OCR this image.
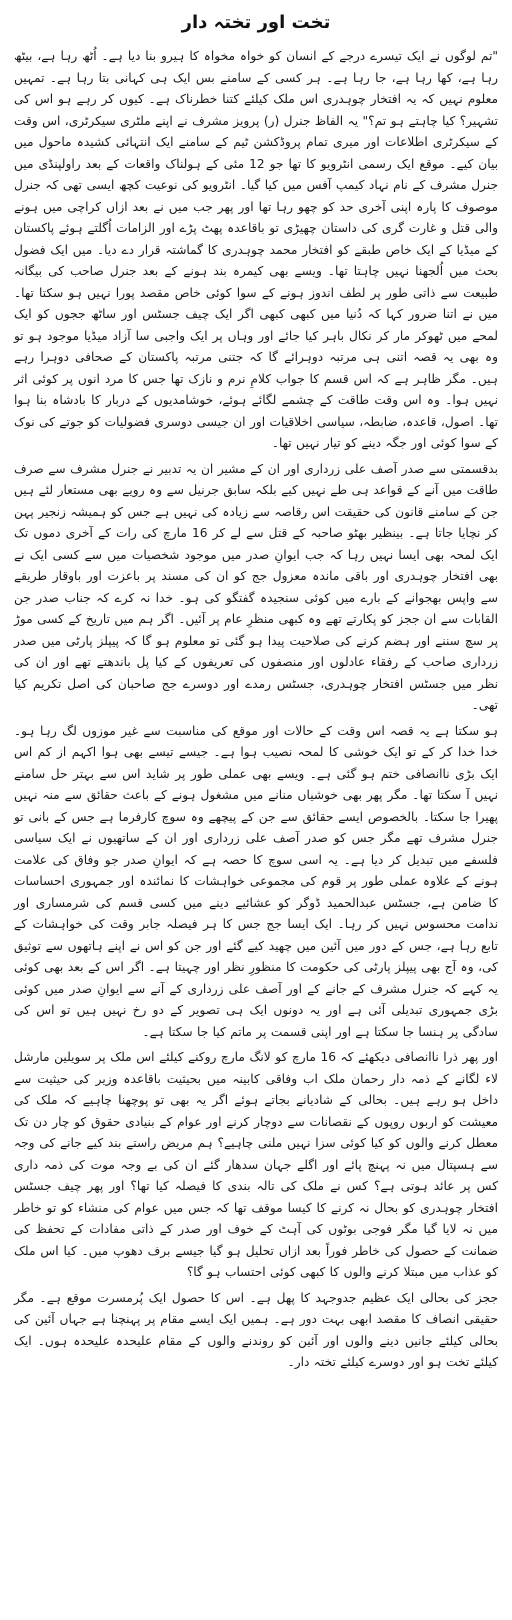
تخت اور تختہ دار

"تم لوگوں نے ایک تیسرے درجے کے انسان کو خواہ مخواہ کا ہیرو بنا دیا ہے۔ اُٹھ رہا ہے، بیٹھ رہا ہے، کھا رہا ہے، جا رہا ہے۔ ہر کسی کے سامنے بس ایک ہی کہانی بتا رہا ہے۔ تمہیں معلوم نہیں کہ یہ افتخار چوہدری اس ملک کیلئے کتنا خطرناک ہے۔ کیوں کر رہے ہو اس کی تشہیر؟ کیا چاہتے ہو تم؟" یہ الفاظ جنرل (ر) پرویز مشرف نے اپنے ملٹری سیکرٹری، اس وقت کے سیکرٹری اطلاعات اور میری تمام پروڈکشن ٹیم کے سامنے ایک انتہائی کشیدہ ماحول میں بیان کیے۔ موقع ایک رسمی انٹرویو کا تھا جو 12 مئی کے ہولناک واقعات کے بعد راولپنڈی میں جنرل مشرف کے نام نہاد کیمپ آفس میں کیا گیا۔ انٹرویو کی نوعیت کچھ ایسی تھی کہ جنرل موصوف کا پارہ اپنی آخری حد کو چھو رہا تھا اور پھر جب میں نے بعد ازاں کراچی میں ہونے والی قتل و غارت گری کی داستان چھیڑی تو باقاعدہ پھٹ پڑے اور الزامات اُگلتے ہوئے پاکستان کے میڈیا کے ایک خاص طبقے کو افتخار محمد چوہدری کا گماشتہ قرار دے دیا۔ میں ایک فضول بحث میں اُلجھنا نہیں چاہتا تھا۔ ویسے بھی کیمرہ بند ہونے کے بعد جنرل صاحب کی بیگانہ طبیعت سے ذاتی طور پر لطف اندوز ہونے کے سوا کوئی خاص مقصد پورا نہیں ہو سکتا تھا۔ میں نے اتنا ضرور کہا کہ دُنیا میں کبھی کبھی اگر ایک چیف جسٹس اور ساٹھ ججوں کو ایک لمحے میں ٹھوکر مار کر نکال باہر کیا جائے اور وہاں پر ایک واجبی سا آزاد میڈیا موجود ہو تو وہ بھی یہ قصہ اتنی ہی مرتبہ دوہرائے گا کہ جتنی مرتبہ پاکستان کے صحافی دوہرا رہے ہیں۔ مگر ظاہر ہے کہ اس قسم کا جواب کلامِ نرم و نازک تھا جس کا مرد انوں پر کوئی اثر نہیں ہوا۔ وہ اس وقت طاقت کے چشمے لگائے ہوئے، خوشامدیوں کے دربار کا بادشاہ بنا ہوا تھا۔ اصول، قاعدہ، ضابطہ، سیاسی اخلاقیات اور ان جیسی دوسری فضولیات کو جوتے کی نوک کے سوا کوئی اور جگہ دینے کو تیار نہیں تھا۔

بدقسمتی سے صدر آصف علی زرداری اور ان کے مشیر ان یہ تدبیر نے جنرل مشرف سے صرف طاقت میں آنے کے قواعد ہی طے نہیں کیے بلکہ سابق جرنیل سے وہ رویے بھی مستعار لئے ہیں جن کے سامنے قانون کی حقیقت اس رقاصہ سے زیادہ کی نہیں ہے جس کو ہمیشہ زنجیر پہن کر نچایا جاتا ہے۔ بینظیر بھٹو صاحبہ کے قتل سے لے کر 16 مارچ کی رات کے آخری دموں تک ایک لمحہ بھی ایسا نہیں رہا کہ جب ایوانِ صدر میں موجود شخصیات میں سے کسی ایک نے بھی افتخار چوہدری اور باقی ماندہ معزول جج کو ان کی مسند پر باعزت اور باوقار طریقے سے واپس بھجوانے کے بارے میں کوئی سنجیدہ گفتگو کی ہو۔ خدا نہ کرے کہ جناب صدر جن القابات سے ان ججز کو پکارتے تھے وہ کبھی منظرِ عام پر آئیں۔ اگر ہم میں تاریخ کے کسی موڑ پر سچ سننے اور ہضم کرنے کی صلاحیت پیدا ہو گئی تو معلوم ہو گا کہ پیپلز پارٹی میں صدر زرداری صاحب کے رفقاء عادلوں اور منصفوں کی تعریفوں کے کیا پل باندھتے تھے اور ان کی نظر میں جسٹس افتخار چوہدری، جسٹس رمدے اور دوسرے جج صاحبان کی اصل تکریم کیا تھی۔

ہو سکتا ہے یہ قصہ اس وقت کے حالات اور موقع کی مناسبت سے غیر موزوں لگ رہا ہو۔ خدا خدا کر کے تو ایک خوشی کا لمحہ نصیب ہوا ہے۔ جیسے تیسے بھی ہوا اکہم از کم اس ایک بڑی ناانصافی ختم ہو گئی ہے۔ ویسے بھی عملی طور پر شاید اس سے بہتر حل سامنے نہیں آ سکتا تھا۔ مگر پھر بھی خوشیاں منانے میں مشغول ہونے کے باعث حقائق سے منہ نہیں پھیرا جا سکتا۔ بالخصوص ایسے حقائق سے جن کے پیچھے وہ سوچ کارفرما ہے جس کے بانی تو جنرل مشرف تھے مگر جس کو صدر آصف علی زرداری اور ان کے ساتھیوں نے ایک سیاسی فلسفے میں تبدیل کر دیا ہے۔ یہ اسی سوچ کا حصہ ہے کہ ایوانِ صدر جو وفاق کی علامت ہونے کے علاوہ عملی طور پر قوم کی مجموعی خواہشات کا نمائندہ اور جمہوری احساسات کا ضامن ہے، جسٹس عبدالحمید ڈوگر کو عشائیے دینے میں کسی قسم کی شرمساری اور ندامت محسوس نہیں کر رہا۔ ایک ایسا جج جس کا ہر فیصلہ جابر وقت کی خواہشات کے تابع رہا ہے، جس کے دور میں آئین میں چھید کیے گئے اور جن کو اس نے اپنے ہاتھوں سے توثیق کی، وہ آج بھی پیپلز پارٹی کی حکومت کا منظورِ نظر اور چہیتا ہے۔ اگر اس کے بعد بھی کوئی یہ کہے کہ جنرل مشرف کے جانے کے اور آصف علی زرداری کے آنے سے ایوانِ صدر میں کوئی بڑی جمہوری تبدیلی آئی ہے اور یہ دونوں ایک ہی تصویر کے دو رخ نہیں ہیں تو اس کی سادگی پر ہنسا جا سکتا ہے اور اپنی قسمت پر ماتم کیا جا سکتا ہے۔

اور پھر ذرا ناانصافی دیکھئے کہ 16 مارچ کو لانگ مارچ روکنے کیلئے اس ملک پر سویلین مارشل لاء لگانے کے ذمہ دار رحمان ملک اب وفاقی کابینہ میں بحیثیت باقاعدہ وزیر کی حیثیت سے داخل ہو رہے ہیں۔ بحالی کے شادیانے بجاتے ہوئے اگر یہ بھی تو پوچھنا چاہیے کہ ملک کی معیشت کو اربوں روپوں کے نقصانات سے دوچار کرنے اور عوام کے بنیادی حقوق کو چار دن تک معطل کرنے والوں کو کیا کوئی سزا نہیں ملنی چاہیے؟ ہم مریض راستے بند کیے جانے کی وجہ سے ہسپتال میں نہ پہنچ پائے اور اگلے جہان سدھار گئے ان کی بے وجہ موت کی ذمہ داری کس پر عائد ہوتی ہے؟ کس نے ملک کی تالہ بندی کا فیصلہ کیا تھا؟ اور پھر چیف جسٹس افتخار چوہدری کو بحال نہ کرنے کا کیسا موقف تھا کہ جس میں عوام کی منشاء کو تو خاطر میں نہ لایا گیا مگر فوجی بوٹوں کی آہٹ کے خوف اور صدر کے ذاتی مفادات کے تحفظ کی ضمانت کے حصول کی خاطر فوراً بعد ازاں تحلیل ہو گیا جیسے برف دھوپ میں۔ کیا اس ملک کو عذاب میں مبتلا کرنے والوں کا کبھی کوئی احتساب ہو گا؟

ججز کی بحالی ایک عظیم جدوجہد کا پھل ہے۔ اس کا حصول ایک پُرمسرت موقع ہے۔ مگر حقیقی انصاف کا مقصد ابھی بہت دور ہے۔ ہمیں ایک ایسے مقام پر پہنچنا ہے جہاں آئین کی بحالی کیلئے جانیں دینے والوں اور آئین کو روندنے والوں کے مقام علیحدہ علیحدہ ہوں۔ ایک کیلئے تخت ہو اور دوسرے کیلئے تختہ دار۔
